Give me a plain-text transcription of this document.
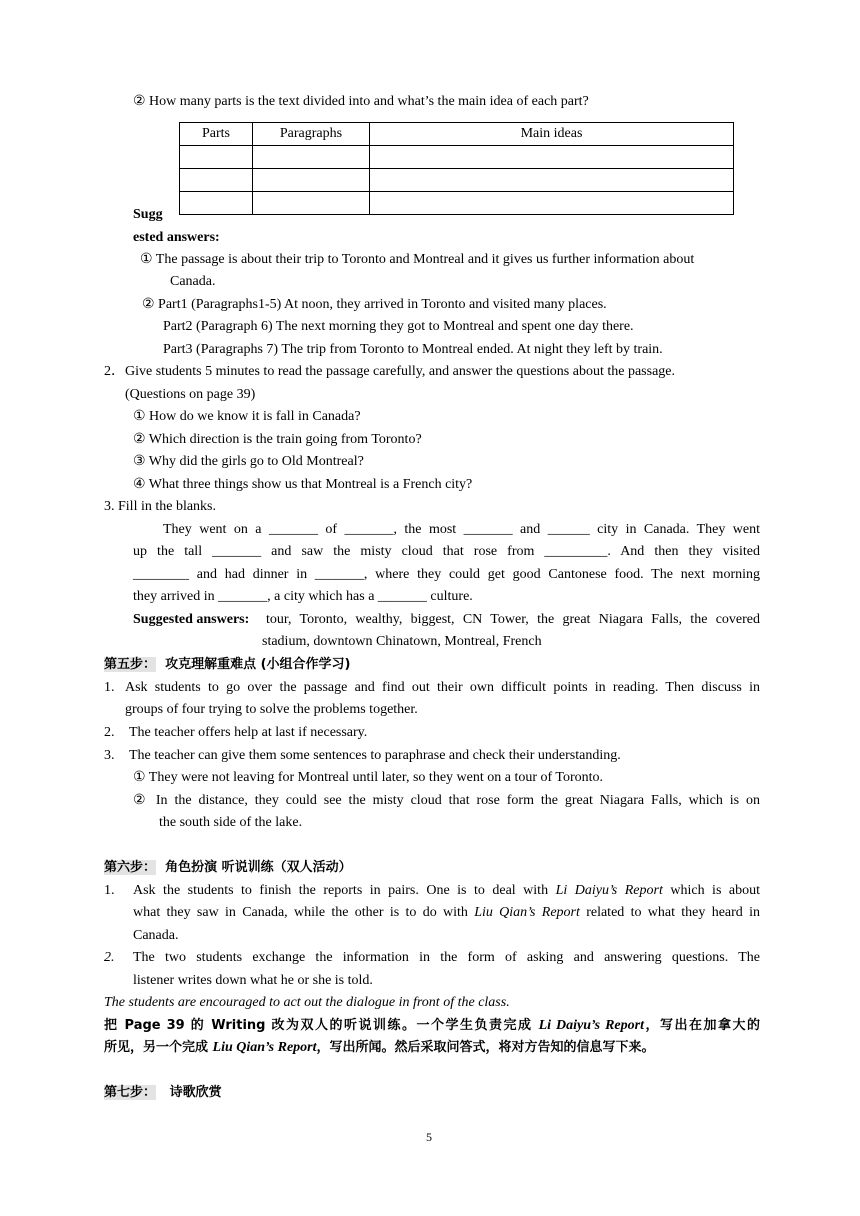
② How many parts is the text divided into and what’s the main idea of each part?
Parts	Paragraphs	Main ideas

Sugg
ested answers:
① The passage is about their trip to Toronto and Montreal and it gives us further information about
Canada.
② Part1 (Paragraphs1-5) At noon, they arrived in Toronto and visited many places.
Part2 (Paragraph 6) The next morning they got to Montreal and spent one day there.
Part3 (Paragraphs 7) The trip from Toronto to Montreal ended. At night they left by train.
2．Give students 5 minutes to read the passage carefully, and answer the questions about the passage.
(Questions on page 39)
① How do we know it is fall in Canada?
② Which direction is the train going from Toronto?
③ Why did the girls go to Old Montreal?
④ What three things show us that Montreal is a French city?
3. Fill in the blanks.
They went on a _______ of _______, the most _______ and ______ city in Canada. They went
up the tall _______ and saw the misty cloud that rose from _________. And then they visited
________ and had dinner in _______, where they could get good Cantonese food. The next morning
they arrived in _______, a city which has a _______ culture.
Suggested answers: tour, Toronto, wealthy, biggest, CN Tower, the great Niagara Falls, the covered
stadium, downtown Chinatown, Montreal, French
第五步： 攻克理解重难点 (小组合作学习)
1. Ask students to go over the passage and find out their own difficult points in reading. Then discuss in
groups of four trying to solve the problems together.
2. The teacher offers help at last if necessary.
3. The teacher can give them some sentences to paraphrase and check their understanding.
① They were not leaving for Montreal until later, so they went on a tour of Toronto.
② In the distance, they could see the misty cloud that rose form the great Niagara Falls, which is on
the south side of the lake.
第六步： 角色扮演 听说训练（双人活动）
1. Ask the students to finish the reports in pairs. One is to deal with Li Daiyu’s Report which is about
what they saw in Canada, while the other is to do with Liu Qian’s Report related to what they heard in
Canada.
2. The two students exchange the information in the form of asking and answering questions. The
listener writes down what he or she is told.
The students are encouraged to act out the dialogue in front of the class.
把 Page 39 的 Writing 改为双人的听说训练。一个学生负责完成 Li Daiyu’s Report，写出在加拿大的
所见，另一个完成 Liu Qian’s Report，写出所闻。然后采取问答式，将对方告知的信息写下来。
第七步： 诗歌欣赏
5
